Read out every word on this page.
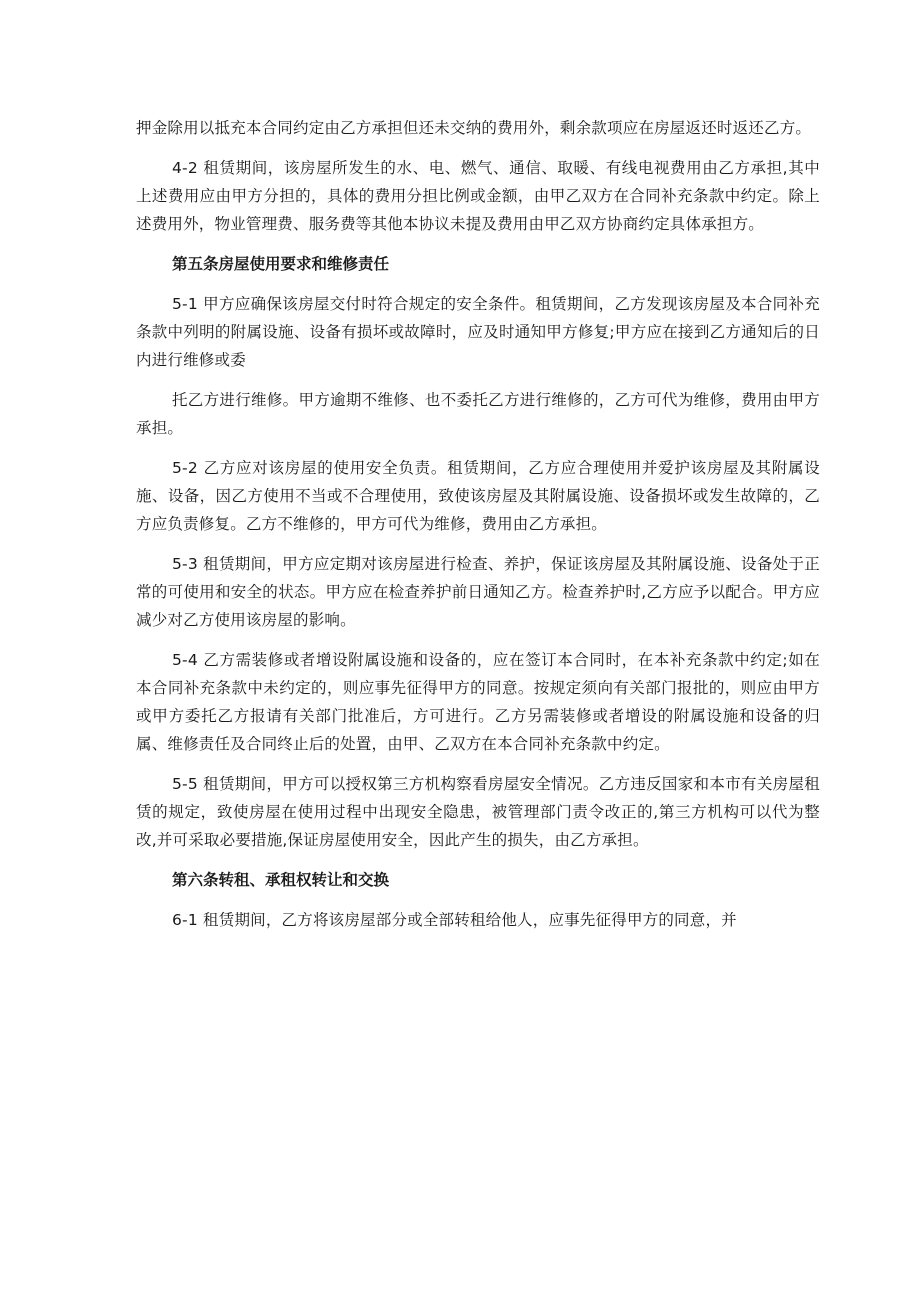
押金除用以抵充本合同约定由乙方承担但还未交纳的费用外，剩余款项应在房屋返还时返还乙方。

4-2 租赁期间，该房屋所发生的水、电、燃气、通信、取暖、有线电视费用由乙方承担,其中上述费用应由甲方分担的，具体的费用分担比例或金额，由甲乙双方在合同补充条款中约定。除上述费用外，物业管理费、服务费等其他本协议未提及费用由甲乙双方协商约定具体承担方。

第五条房屋使用要求和维修责任

5-1 甲方应确保该房屋交付时符合规定的安全条件。租赁期间，乙方发现该房屋及本合同补充条款中列明的附属设施、设备有损坏或故障时，应及时通知甲方修复;甲方应在接到乙方通知后的日内进行维修或委

托乙方进行维修。甲方逾期不维修、也不委托乙方进行维修的，乙方可代为维修，费用由甲方承担。

5-2 乙方应对该房屋的使用安全负责。租赁期间，乙方应合理使用并爱护该房屋及其附属设施、设备，因乙方使用不当或不合理使用，致使该房屋及其附属设施、设备损坏或发生故障的，乙方应负责修复。乙方不维修的，甲方可代为维修，费用由乙方承担。

5-3 租赁期间，甲方应定期对该房屋进行检查、养护，保证该房屋及其附属设施、设备处于正常的可使用和安全的状态。甲方应在检查养护前日通知乙方。检查养护时,乙方应予以配合。甲方应减少对乙方使用该房屋的影响。

5-4 乙方需装修或者增设附属设施和设备的，应在签订本合同时，在本补充条款中约定;如在本合同补充条款中未约定的，则应事先征得甲方的同意。按规定须向有关部门报批的，则应由甲方或甲方委托乙方报请有关部门批准后，方可进行。乙方另需装修或者增设的附属设施和设备的归属、维修责任及合同终止后的处置，由甲、乙双方在本合同补充条款中约定。

5-5 租赁期间，甲方可以授权第三方机构察看房屋安全情况。乙方违反国家和本市有关房屋租赁的规定，致使房屋在使用过程中出现安全隐患，被管理部门责令改正的,第三方机构可以代为整改,并可采取必要措施,保证房屋使用安全，因此产生的损失，由乙方承担。

第六条转租、承租权转让和交换

6-1 租赁期间，乙方将该房屋部分或全部转租给他人，应事先征得甲方的同意，并
